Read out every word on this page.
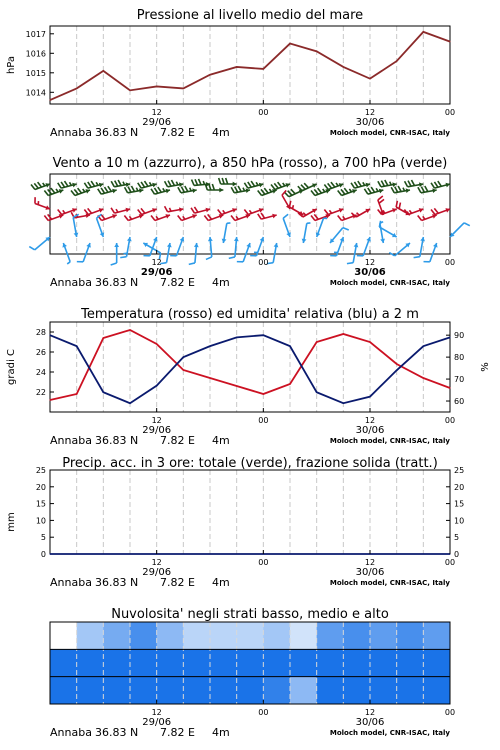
Pressione al livello medio del mare
1014
1015
1016
1017
hPa
12	00	12	00
29/06	30/06
Annaba 36.83 N 7.82 E 4m	Moloch model, CNR-ISAC, Italy
Vento a 10 m (azzurro), a 850 hPa (rosso), a 700 hPa (verde)
12	00	12	00
29/06	30/06
Annaba 36.83 N 7.82 E 4m	Moloch model, CNR-ISAC, Italy
Temperatura (rosso) ed umidita' relativa (blu) a 2 m
22
24
26
28
60
70
80
90
gradi C	%
12	00	12	00
29/06	30/06
Annaba 36.83 N 7.82 E 4m	Moloch model, CNR-ISAC, Italy
Precip. acc. in 3 ore: totale (verde), frazione solida (tratt.)
0
5
10
15
20
25
0
5
10
15
20
25
mm
12	00	12	00
29/06	30/06
Annaba 36.83 N 7.82 E 4m	Moloch model, CNR-ISAC, Italy
Nuvolosita' negli strati basso, medio e alto
12	00	12	00
29/06	30/06
Annaba 36.83 N 7.82 E 4m	Moloch model, CNR-ISAC, Italy
